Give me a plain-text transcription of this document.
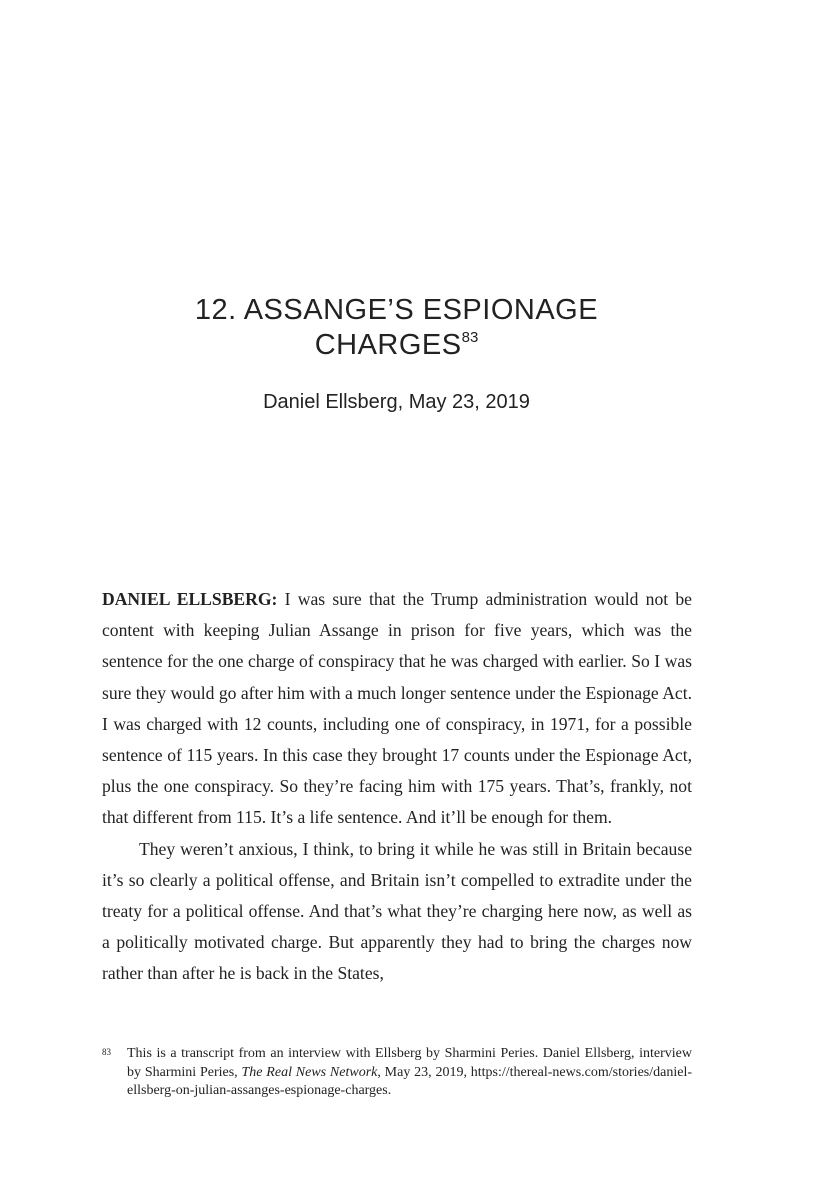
12. ASSANGE’S ESPIONAGE
CHARGES$^{83}$
Daniel Ellsberg, May 23, 2019

DANIEL ELLSBERG: I was sure that the Trump administration would not be content with keeping Julian Assange in prison for five years, which was the sentence for the one charge of conspiracy that he was charged with earlier. So I was sure they would go after him with a much longer sentence under the Espionage Act. I was charged with 12 counts, including one of conspiracy, in 1971, for a possible sentence of 115 years. In this case they brought 17 counts under the Espionage Act, plus the one conspiracy. So they’re facing him with 175 years. That’s, frankly, not that different from 115. It’s a life sentence. And it’ll be enough for them.

They weren’t anxious, I think, to bring it while he was still in Britain because it’s so clearly a political offense, and Britain isn’t compelled to extradite under the treaty for a political offense. And that’s what they’re charging here now, as well as a politically motivated charge. But apparently they had to bring the charges now rather than after he is back in the States,

83 This is a transcript from an interview with Ellsberg by Sharmini Peries. Daniel Ellsberg, interview by Sharmini Peries, The Real News Network, May 23, 2019, https://thereal-news.com/stories/daniel-ellsberg-on-julian-assanges-espionage-charges.
